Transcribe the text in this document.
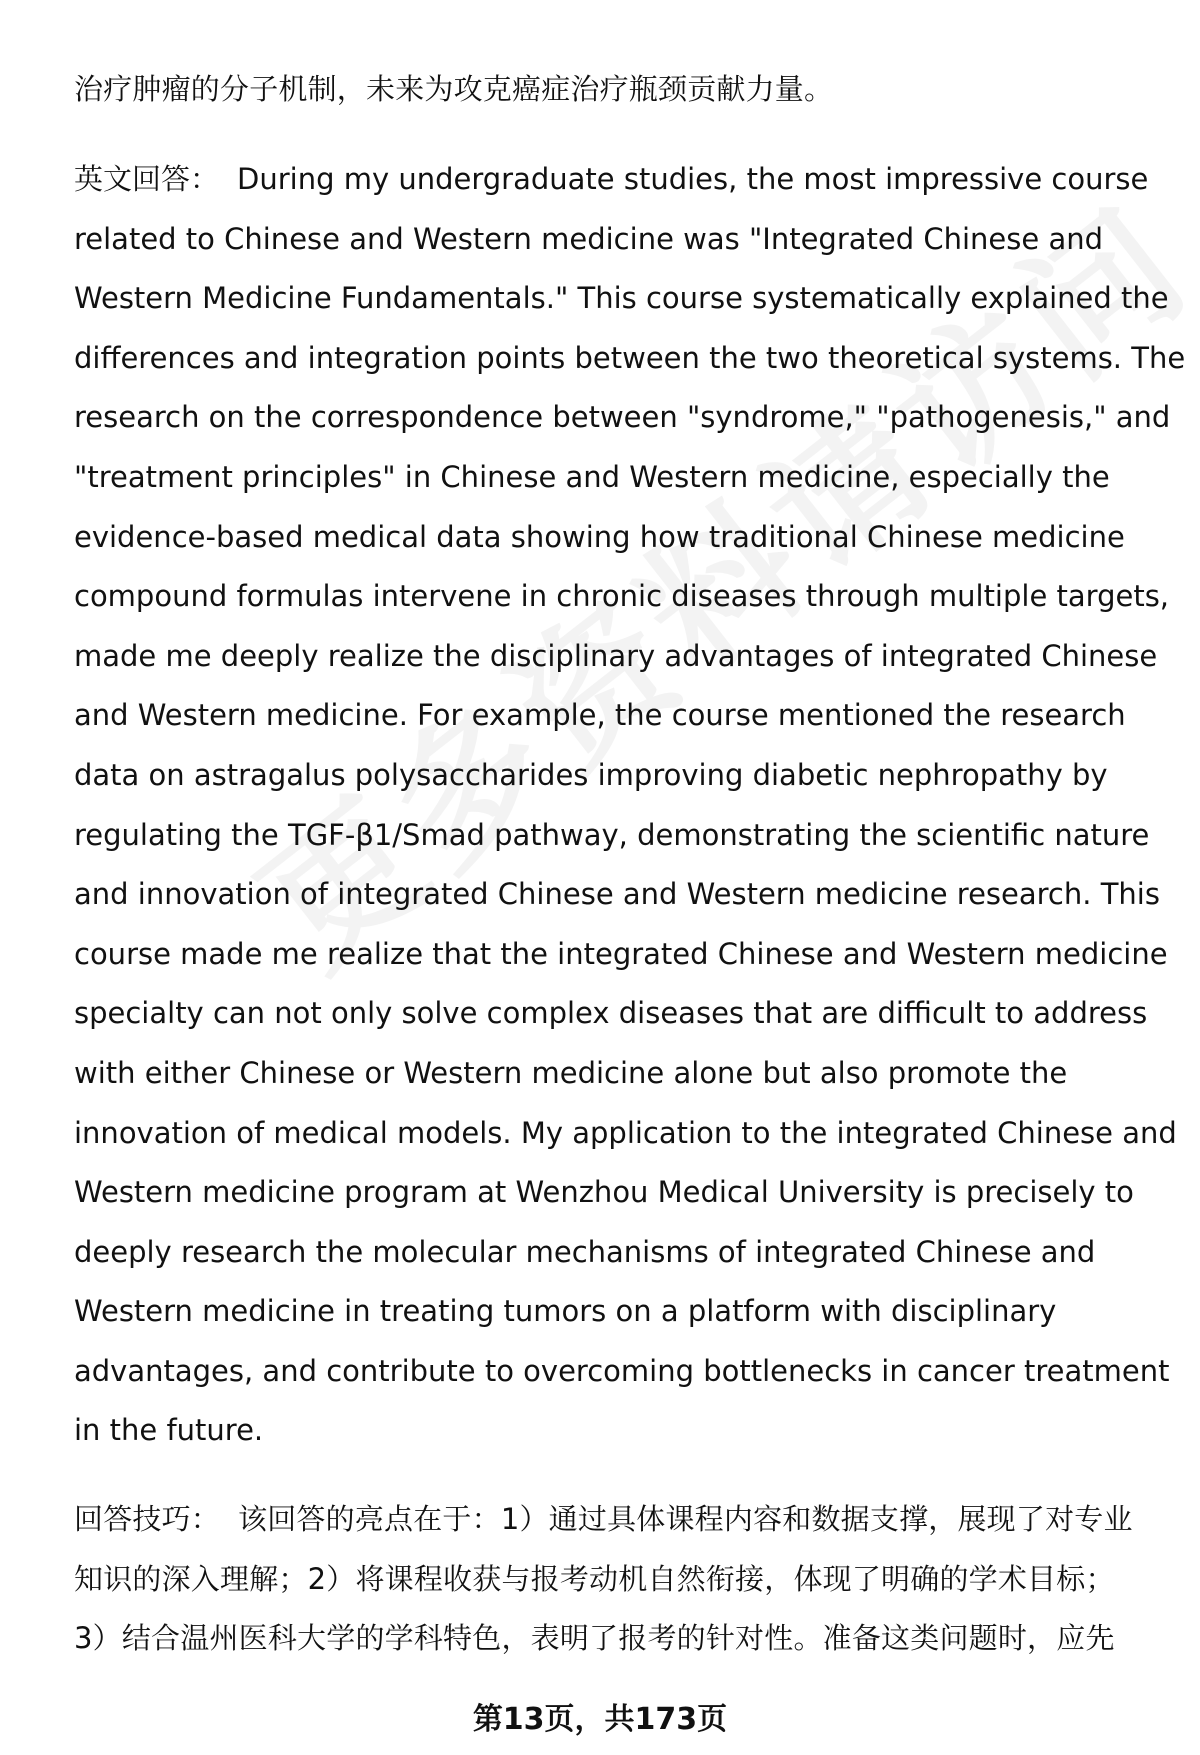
治疗肿瘤的分子机制，未来为攻克癌症治疗瓶颈贡献力量。

英文回答： During my undergraduate studies, the most impressive course
related to Chinese and Western medicine was "Integrated Chinese and
Western Medicine Fundamentals." This course systematically explained the
differences and integration points between the two theoretical systems. The
research on the correspondence between "syndrome," "pathogenesis," and
"treatment principles" in Chinese and Western medicine, especially the
evidence-based medical data showing how traditional Chinese medicine
compound formulas intervene in chronic diseases through multiple targets,
made me deeply realize the disciplinary advantages of integrated Chinese
and Western medicine. For example, the course mentioned the research
data on astragalus polysaccharides improving diabetic nephropathy by
regulating the TGF-β1/Smad pathway, demonstrating the scientific nature
and innovation of integrated Chinese and Western medicine research. This
course made me realize that the integrated Chinese and Western medicine
specialty can not only solve complex diseases that are difficult to address
with either Chinese or Western medicine alone but also promote the
innovation of medical models. My application to the integrated Chinese and
Western medicine program at Wenzhou Medical University is precisely to
deeply research the molecular mechanisms of integrated Chinese and
Western medicine in treating tumors on a platform with disciplinary
advantages, and contribute to overcoming bottlenecks in cancer treatment
in the future.
回答技巧： 该回答的亮点在于：1）通过具体课程内容和数据支撑，展现了对专业
知识的深入理解；2）将课程收获与报考动机自然衔接，体现了明确的学术目标；
3）结合温州医科大学的学科特色，表明了报考的针对性。准备这类问题时，应先
第13页，共173页
